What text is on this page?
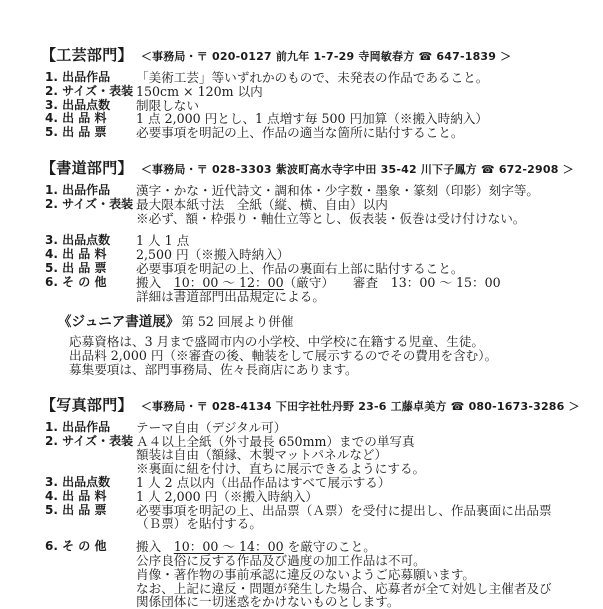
【工芸部門】 ＜事務局・〒 020-0127 前九年 1-7-29 寺岡敏春方 ☎ 647-1839 ＞
1. 出品作品	「美術工芸」等いずれかのもので、未発表の作品であること。
2. サイズ・表装 150cm × 120m 以内
3. 出品点数	制限しない
4. 出 品 料	1 点 2,000 円とし、1 点増す毎 500 円加算（※搬入時納入）
5. 出 品 票	必要事項を明記の上、作品の適当な箇所に貼付すること。
【書道部門】 ＜事務局・〒 028-3303 紫波町高水寺字中田 35-42 川下子鳳方 ☎ 672-2908 ＞
1. 出品作品	漢字・かな・近代詩文・調和体・少字数・墨象・篆刻（印影）刻字等。
2. サイズ・表装 最大限本紙寸法　全紙（縦、横、自由）以内
※必ず、額・枠張り・軸仕立等とし、仮表装・仮巻は受け付けない。
3. 出品点数	1 人 1 点
4. 出 品 料	2,500 円（※搬入時納入）
5. 出 品 票	必要事項を明記の上、作品の裏面右上部に貼付すること。
6. そ の 他	搬入　10：00 ～ 12：00（厳守）　　審査　13：00 ～ 15：00
詳細は書道部門出品規定による。
《ジュニア書道展》 第 52 回展より併催
応募資格は、3 月まで盛岡市内の小学校、中学校に在籍する児童、生徒。
出品料 2,000 円（※審査の後、軸装をして展示するのでその費用を含む）。
募集要項は、部門事務局、佐々長商店にあります。
【写真部門】 ＜事務局・〒 028-4134 下田字社牡丹野 23-6 工藤卓美方 ☎ 080-1673-3286 ＞
1. 出品作品	テーマ自由（デジタル可）
2. サイズ・表装 Ａ４以上全紙（外寸最長 650mm）までの単写真
額装は自由（額縁、木製マットパネルなど）
※裏面に紐を付け、直ちに展示できるようにする。
3. 出品点数	1 人 2 点以内（出品作品はすべて展示する）
4. 出 品 料	1 人 2,000 円（※搬入時納入）
5. 出 品 票	必要事項を明記の上、出品票（Ａ票）を受付に提出し、作品裏面に出品票
（Ｂ票）を貼付する。
6. そ の 他	搬入　10：00 ～ 14：00 を厳守のこと。
公序良俗に反する作品及び過度の加工作品は不可。
肖像・著作物の事前承認に違反のないようご応募願います。
なお、上記に違反・問題が発生した場合、応募者が全て対処し主催者及び
関係団体に一切迷惑をかけないものとします。
